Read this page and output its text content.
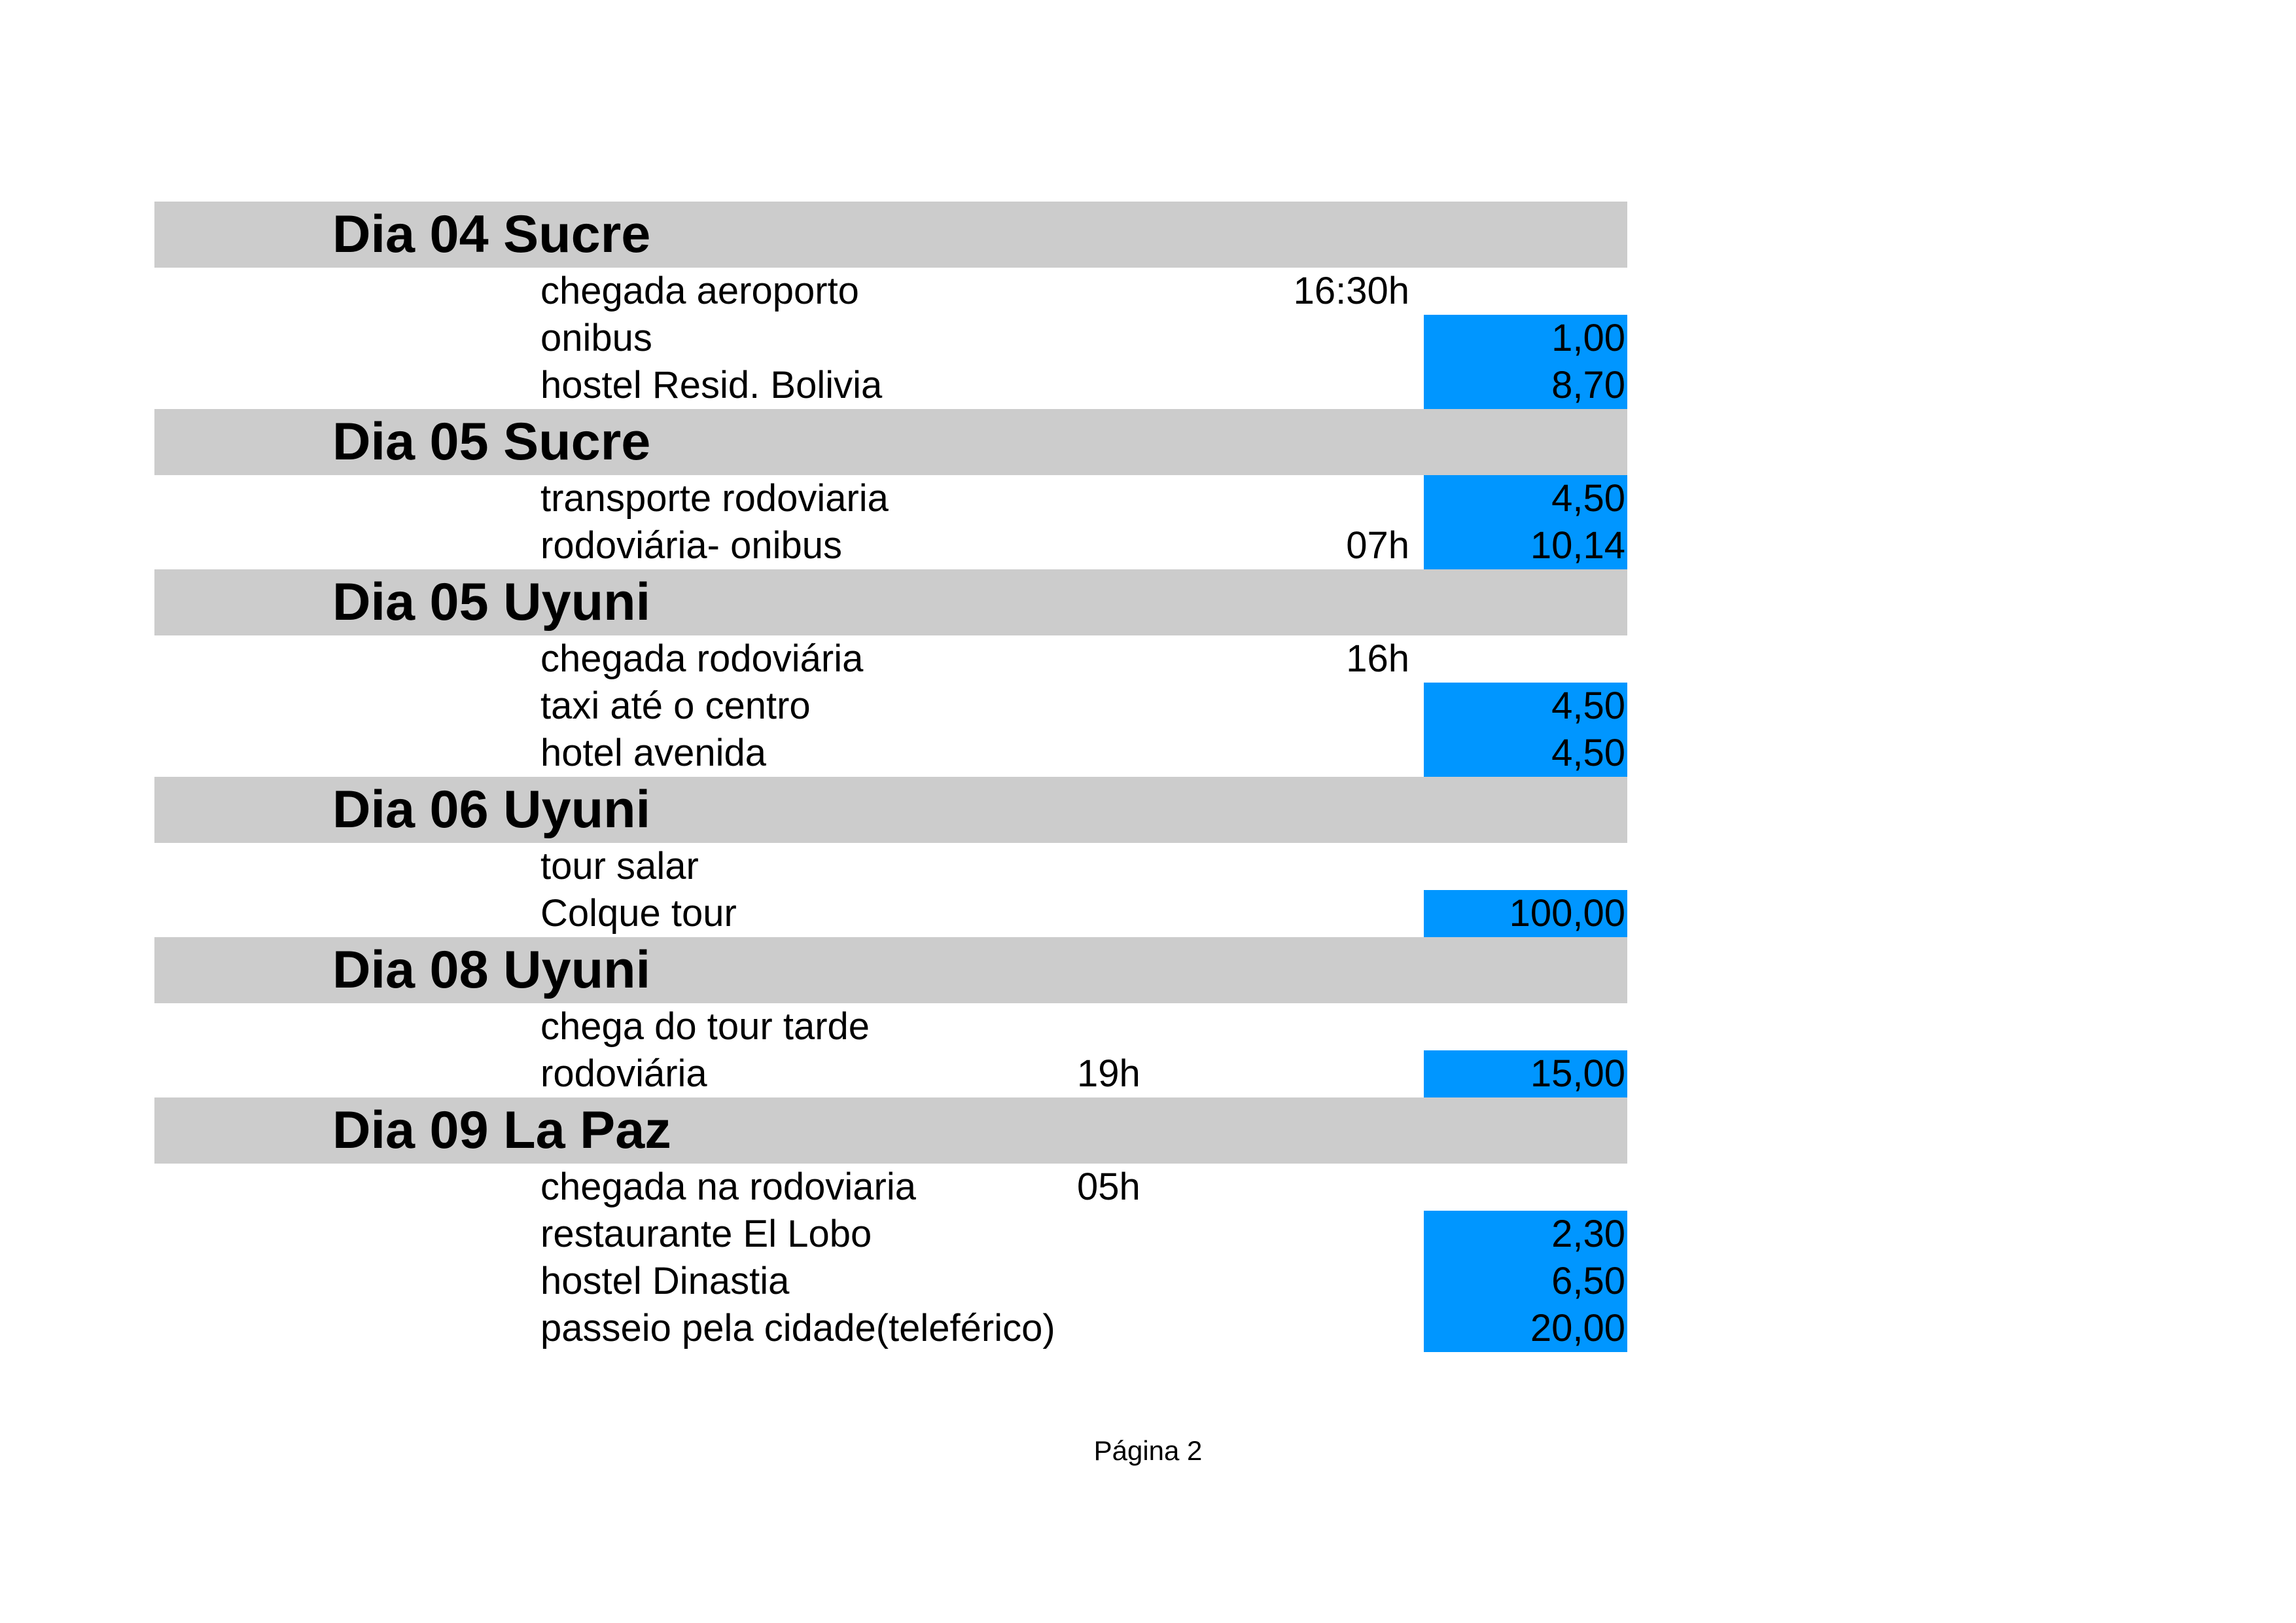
Dia 04 Sucre
chegada aeroporto	16:30h
onibus	1,00
hostel Resid. Bolivia	8,70
Dia 05 Sucre
transporte rodoviaria	4,50
rodoviária- onibus	07h	10,14
Dia 05 Uyuni
chegada rodoviária	16h
taxi até o centro	4,50
hotel avenida	4,50
Dia 06 Uyuni
tour salar
Colque tour	100,00
Dia 08 Uyuni
chega do tour tarde
rodoviária	19h	15,00
Dia 09 La Paz
chegada na rodoviaria	05h
restaurante El Lobo	2,30
hostel Dinastia	6,50
passeio pela cidade(teleférico)	20,00
Página 2
